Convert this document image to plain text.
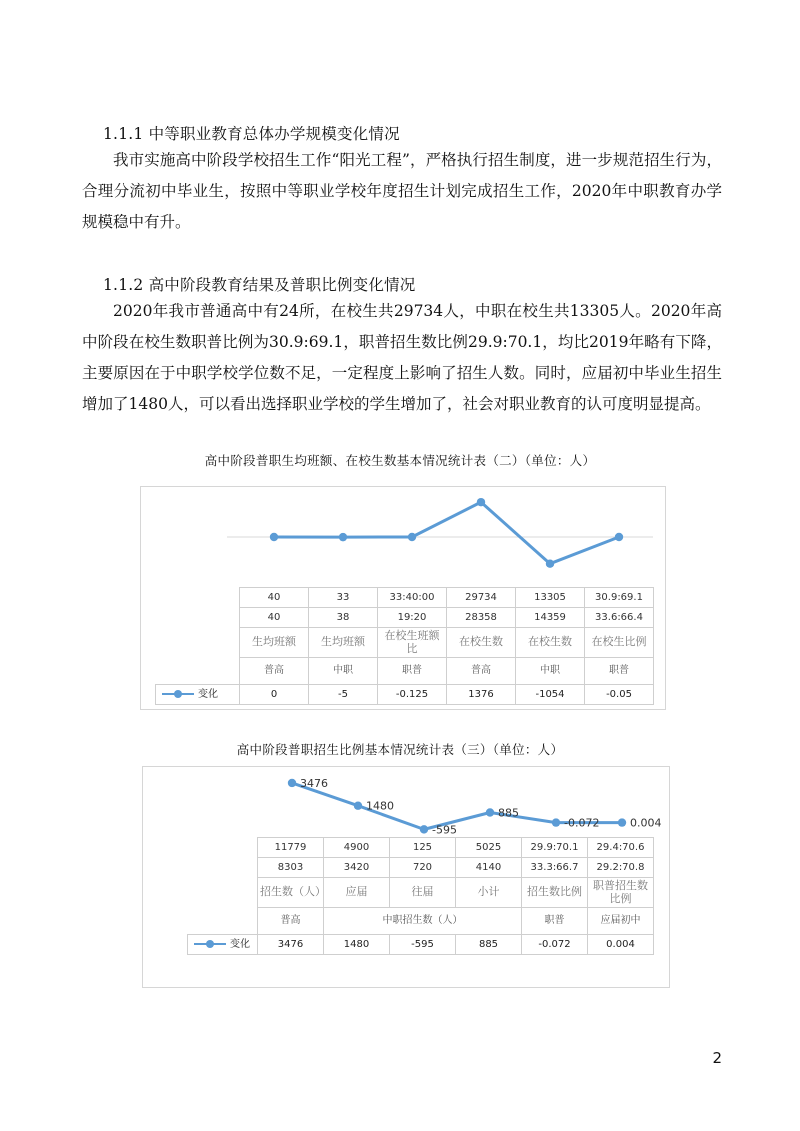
1.1.1 中等职业教育总体办学规模变化情况

我市实施高中阶段学校招生工作“阳光工程”，严格执行招生制度，进一步规范招生行为，合理分流初中毕业生，按照中等职业学校年度招生计划完成招生工作，2020年中职教育办学规模稳中有升。

1.1.2 高中阶段教育结果及普职比例变化情况

2020年我市普通高中有24所，在校生共29734人，中职在校生共13305人。2020年高中阶段在校生数职普比例为30.9:69.1，职普招生数比例29.9:70.1，均比2019年略有下降，主要原因在于中职学校学位数不足，一定程度上影响了招生人数。同时，应届初中毕业生招生增加了1480人，可以看出选择职业学校的学生增加了，社会对职业教育的认可度明显提高。

高中阶段普职生均班额、在校生数基本情况统计表（二）（单位：人）
	40	33	33:40:00	29734	13305	30.9:69.1
	40	38	19:20	28358	14359	33.6:66.4
	生均班额	生均班额	在校生班额比	在校生数	在校生数	在校生比例
	普高	中职	职普	普高	中职	职普
变化	0	-5	-0.125	1376	-1054	-0.05
高中阶段普职招生比例基本情况统计表（三）（单位：人）
3476
1480
-595
885
-0.072	0.004
	11779	4900	125	5025	29.9:70.1	29.4:70.6
	8303	3420	720	4140	33.3:66.7	29.2:70.8
	招生数（人）	应届	往届	小计	招生数比例	职普招生数比例
	普高	中职招生数（人）			职普	应届初中
变化	3476	1480	-595	885	-0.072	0.004
2
